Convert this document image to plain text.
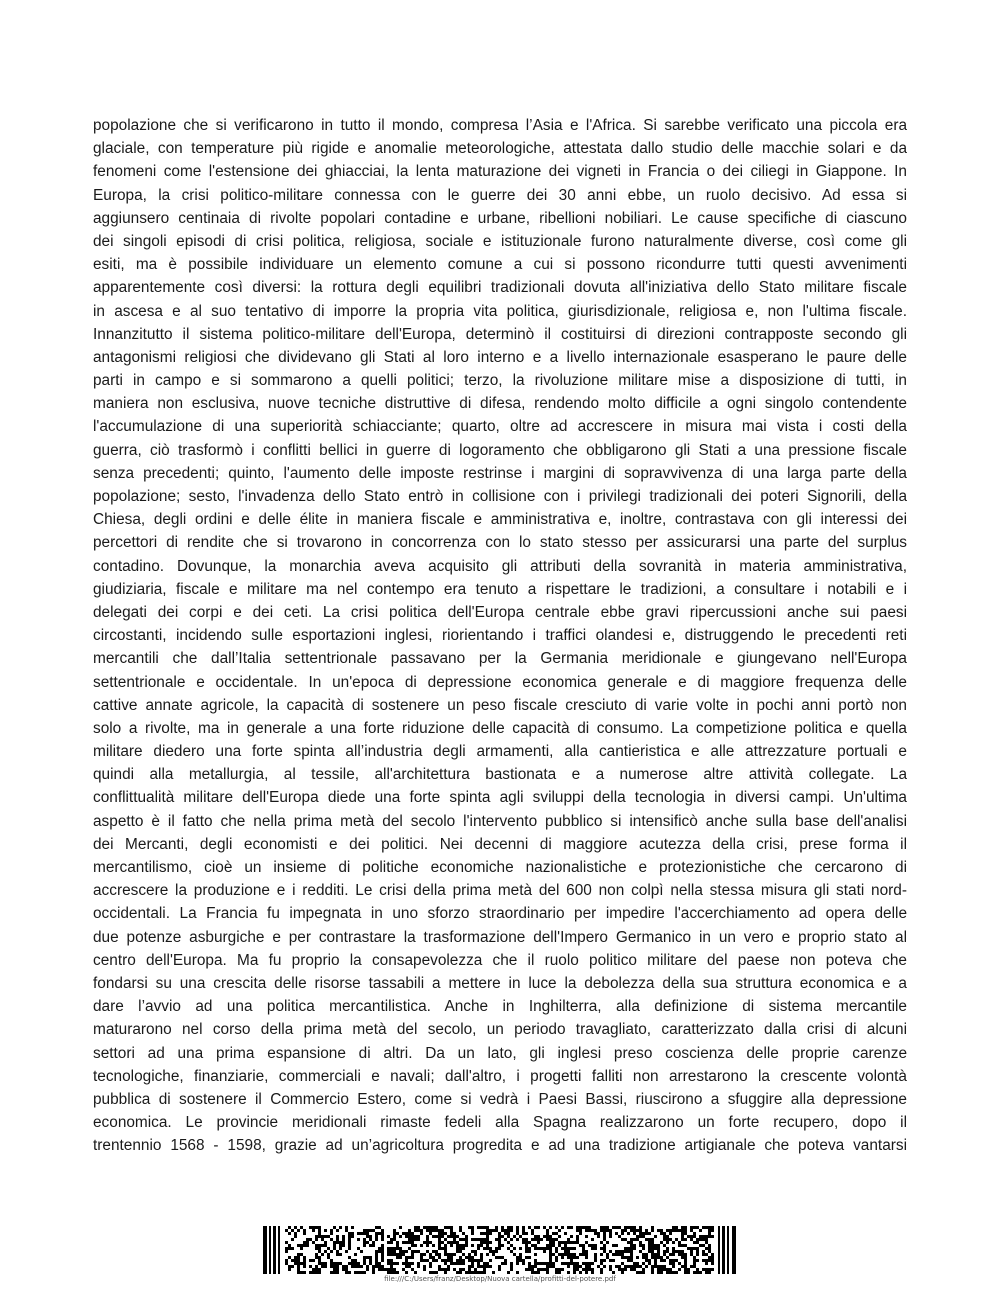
popolazione che si verificarono in tutto il mondo, compresa l’Asia e l'Africa. Si sarebbe verificato una piccola era
glaciale, con temperature più rigide e anomalie meteorologiche, attestata dallo studio delle macchie solari e da
fenomeni come l'estensione dei ghiacciai, la lenta maturazione dei vigneti in Francia o dei ciliegi in Giappone. In
Europa, la crisi politico-militare connessa con le guerre dei 30 anni ebbe, un ruolo decisivo. Ad essa si
aggiunsero centinaia di rivolte popolari contadine e urbane, ribellioni nobiliari. Le cause specifiche di ciascuno
dei singoli episodi di crisi politica, religiosa, sociale e istituzionale furono naturalmente diverse, così come gli
esiti, ma è possibile individuare un elemento comune a cui si possono ricondurre tutti questi avvenimenti
apparentemente così diversi: la rottura degli equilibri tradizionali dovuta all'iniziativa dello Stato militare fiscale
in ascesa e al suo tentativo di imporre la propria vita politica, giurisdizionale, religiosa e, non l'ultima fiscale.
Innanzitutto il sistema politico-militare dell'Europa, determinò il costituirsi di direzioni contrapposte secondo gli
antagonismi religiosi che dividevano gli Stati al loro interno e a livello internazionale esasperano le paure delle
parti in campo e si sommarono a quelli politici; terzo, la rivoluzione militare mise a disposizione di tutti, in
maniera non esclusiva, nuove tecniche distruttive di difesa, rendendo molto difficile a ogni singolo contendente
l'accumulazione di una superiorità schiacciante; quarto, oltre ad accrescere in misura mai vista i costi della
guerra, ciò trasformò i conflitti bellici in guerre di logoramento che obbligarono gli Stati a una pressione fiscale
senza precedenti; quinto, l'aumento delle imposte restrinse i margini di sopravvivenza di una larga parte della
popolazione; sesto, l'invadenza dello Stato entrò in collisione con i privilegi tradizionali dei poteri Signorili, della
Chiesa, degli ordini e delle élite in maniera fiscale e amministrativa e, inoltre, contrastava con gli interessi dei
percettori di rendite che si trovarono in concorrenza con lo stato stesso per assicurarsi una parte del surplus
contadino. Dovunque, la monarchia aveva acquisito gli attributi della sovranità in materia amministrativa,
giudiziaria, fiscale e militare ma nel contempo era tenuto a rispettare le tradizioni, a consultare i notabili e i
delegati dei corpi e dei ceti. La crisi politica dell'Europa centrale ebbe gravi ripercussioni anche sui paesi
circostanti, incidendo sulle esportazioni inglesi, riorientando i traffici olandesi e, distruggendo le precedenti reti
mercantili che dall’Italia settentrionale passavano per la Germania meridionale e giungevano nell'Europa
settentrionale e occidentale. In un'epoca di depressione economica generale e di maggiore frequenza delle
cattive annate agricole, la capacità di sostenere un peso fiscale cresciuto di varie volte in pochi anni portò non
solo a rivolte, ma in generale a una forte riduzione delle capacità di consumo. La competizione politica e quella
militare diedero una forte spinta all’industria degli armamenti, alla cantieristica e alle attrezzature portuali e
quindi alla metallurgia, al tessile, all'architettura bastionata e a numerose altre attività collegate. La
conflittualità militare dell'Europa diede una forte spinta agli sviluppi della tecnologia in diversi campi. Un'ultima
aspetto è il fatto che nella prima metà del secolo l'intervento pubblico si intensificò anche sulla base dell'analisi
dei Mercanti, degli economisti e dei politici. Nei decenni di maggiore acutezza della crisi, prese forma il
mercantilismo, cioè un insieme di politiche economiche nazionalistiche e protezionistiche che cercarono di
accrescere la produzione e i redditi. Le crisi della prima metà del 600 non colpì nella stessa misura gli stati nord-
occidentali. La Francia fu impegnata in uno sforzo straordinario per impedire l'accerchiamento ad opera delle
due potenze asburgiche e per contrastare la trasformazione dell'Impero Germanico in un vero e proprio stato al
centro dell'Europa. Ma fu proprio la consapevolezza che il ruolo politico militare del paese non poteva che
fondarsi su una crescita delle risorse tassabili a mettere in luce la debolezza della sua struttura economica e a
dare l’avvio ad una politica mercantilistica. Anche in Inghilterra, alla definizione di sistema mercantile
maturarono nel corso della prima metà del secolo, un periodo travagliato, caratterizzato dalla crisi di alcuni
settori ad una prima espansione di altri. Da un lato, gli inglesi preso coscienza delle proprie carenze
tecnologiche, finanziarie, commerciali e navali; dall'altro, i progetti falliti non arrestarono la crescente volontà
pubblica di sostenere il Commercio Estero, come si vedrà i Paesi Bassi, riuscirono a sfuggire alla depressione
economica. Le provincie meridionali rimaste fedeli alla Spagna realizzarono un forte recupero, dopo il
trentennio 1568 - 1598, grazie ad un’agricoltura progredita e ad una tradizione artigianale che poteva vantarsi
file:///C:/Users/franz/Desktop/Nuova cartella/profitti-del-potere.pdf
